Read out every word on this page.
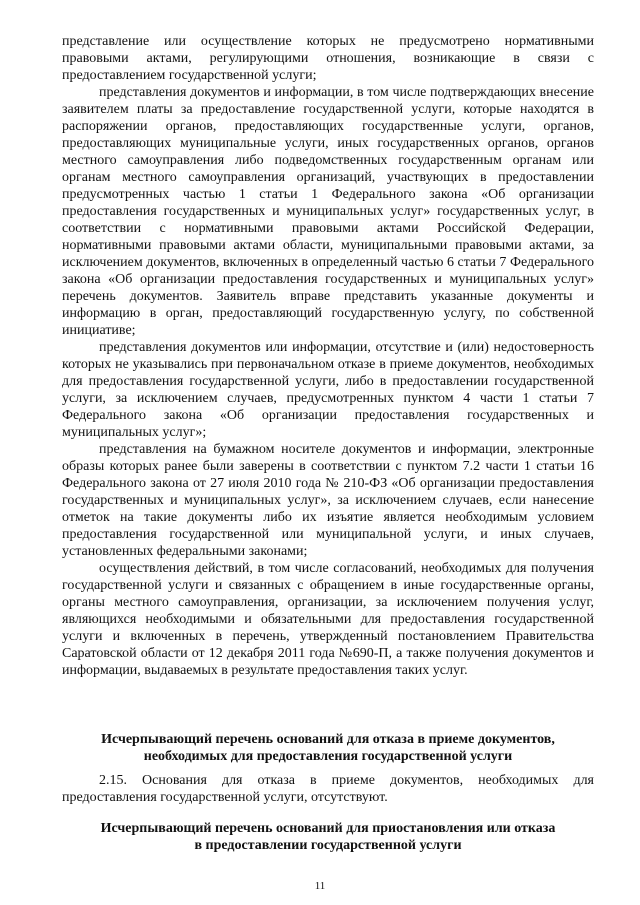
представление или осуществление которых не предусмотрено нормативными правовыми актами, регулирующими отношения, возникающие в связи с предоставлением государственной услуги;

представления документов и информации, в том числе подтверждающих внесение заявителем платы за предоставление государственной услуги, которые находятся в распоряжении органов, предоставляющих государственные услуги, органов, предоставляющих муниципальные услуги, иных государственных органов, органов местного самоуправления либо подведомственных государственным органам или органам местного самоуправления организаций, участвующих в предоставлении предусмотренных частью 1 статьи 1 Федерального закона «Об организации предоставления государственных и муниципальных услуг» государственных услуг, в соответствии с нормативными правовыми актами Российской Федерации, нормативными правовыми актами области, муниципальными правовыми актами, за исключением документов, включенных в определенный частью 6 статьи 7 Федерального закона «Об организации предоставления государственных и муниципальных услуг» перечень документов. Заявитель вправе представить указанные документы и информацию в орган, предоставляющий государственную услугу, по собственной инициативе;

представления документов или информации, отсутствие и (или) недостоверность которых не указывались при первоначальном отказе в приеме документов, необходимых для предоставления государственной услуги, либо в предоставлении государственной услуги, за исключением случаев, предусмотренных пунктом 4 части 1 статьи 7 Федерального закона «Об организации предоставления государственных и муниципальных услуг»;

представления на бумажном носителе документов и информации, электронные образы которых ранее были заверены в соответствии с пунктом 7.2 части 1 статьи 16 Федерального закона от 27 июля 2010 года № 210-ФЗ «Об организации предоставления государственных и муниципальных услуг», за исключением случаев, если нанесение отметок на такие документы либо их изъятие является необходимым условием предоставления государственной или муниципальной услуги, и иных случаев, установленных федеральными законами;

осуществления действий, в том числе согласований, необходимых для получения государственной услуги и связанных с обращением в иные государственные органы, органы местного самоуправления, организации, за исключением получения услуг, являющихся необходимыми и обязательными для предоставления государственной услуги и включенных в перечень, утвержденный постановлением Правительства Саратовской области от 12 декабря 2011 года №690-П, а также получения документов и информации, выдаваемых в результате предоставления таких услуг.

Исчерпывающий перечень оснований для отказа в приеме документов,
необходимых для предоставления государственной услуги

2.15. Основания для отказа в приеме документов, необходимых для предоставления государственной услуги, отсутствуют.

Исчерпывающий перечень оснований для приостановления или отказа
в предоставлении государственной услуги
11
